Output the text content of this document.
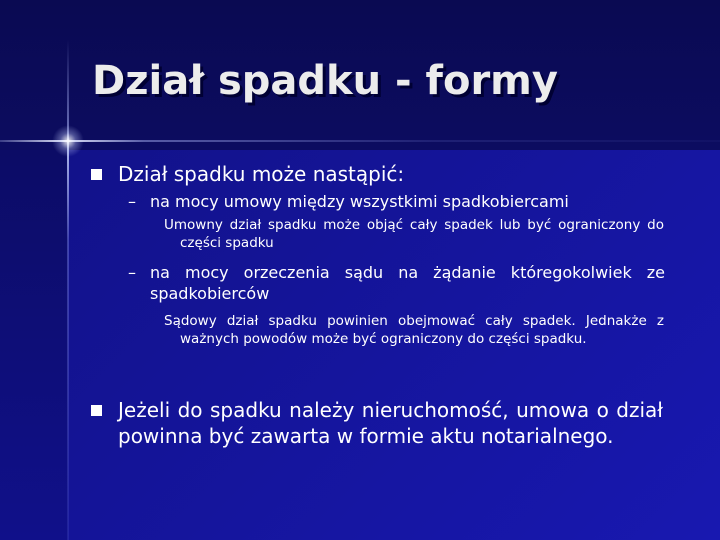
Dział spadku - formy

Dział spadku może nastąpić:

– na mocy umowy między wszystkimi spadkobiercami

Umowny dział spadku może objąć cały spadek lub być ograniczony do części spadku

– na mocy orzeczenia sądu na żądanie któregokolwiek ze spadkobierców

Sądowy dział spadku powinien obejmować cały spadek. Jednakże z ważnych powodów może być ograniczony do części spadku.

Jeżeli do spadku należy nieruchomość, umowa o dział powinna być zawarta w formie aktu notarialnego.
